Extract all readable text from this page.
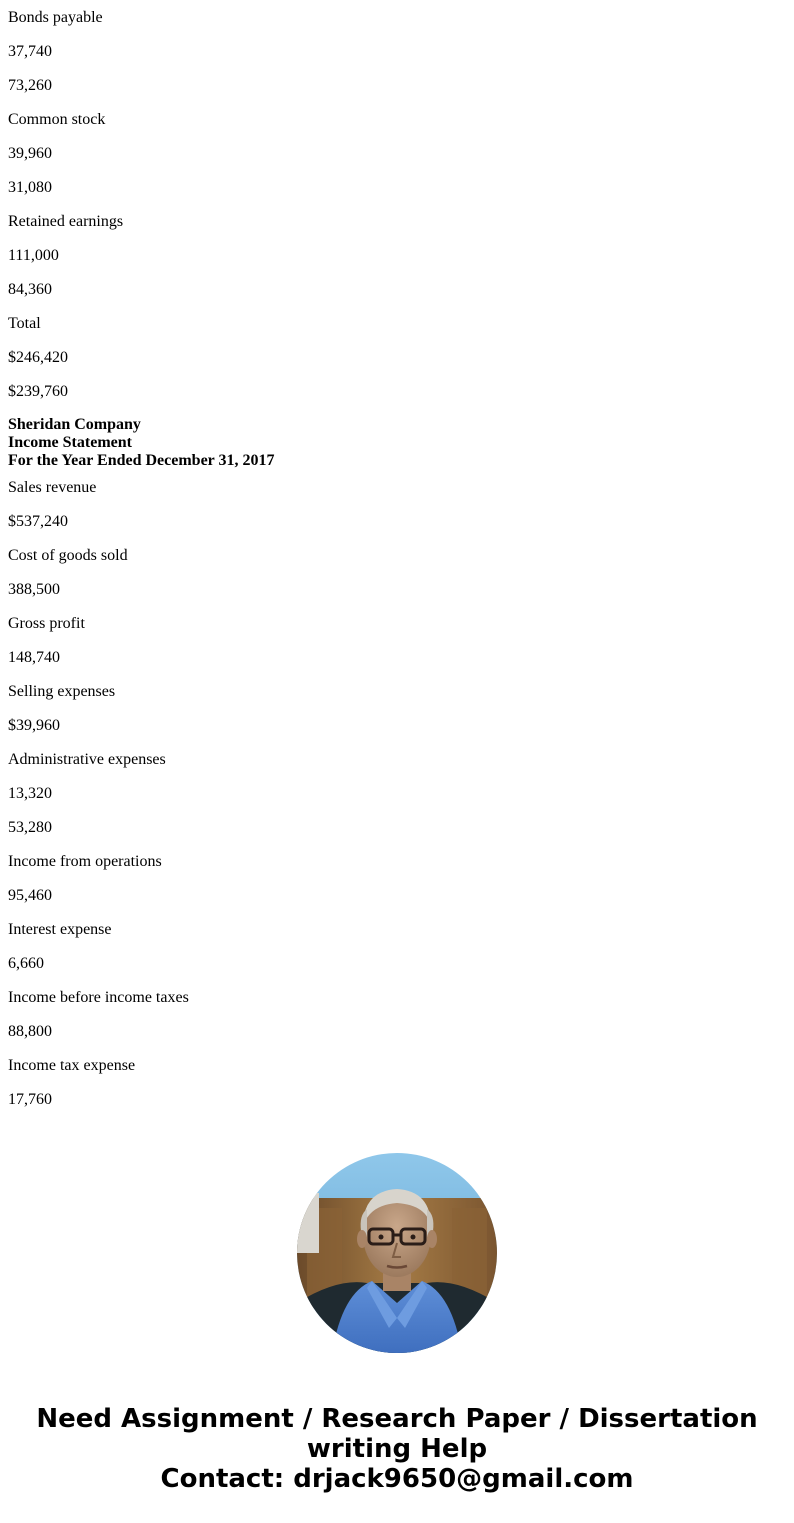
Bonds payable
37,740
73,260
Common stock
39,960
31,080
Retained earnings
111,000
84,360
Total
$246,420
$239,760
Sheridan Company
Income Statement
For the Year Ended December 31, 2017
Sales revenue
$537,240
Cost of goods sold
388,500
Gross profit
148,740
Selling expenses
$39,960
Administrative expenses
13,320
53,280
Income from operations
95,460
Interest expense
6,660
Income before income taxes
88,800
Income tax expense
17,760
Need Assignment / Research Paper / Dissertation
writing Help
Contact: drjack9650@gmail.com
